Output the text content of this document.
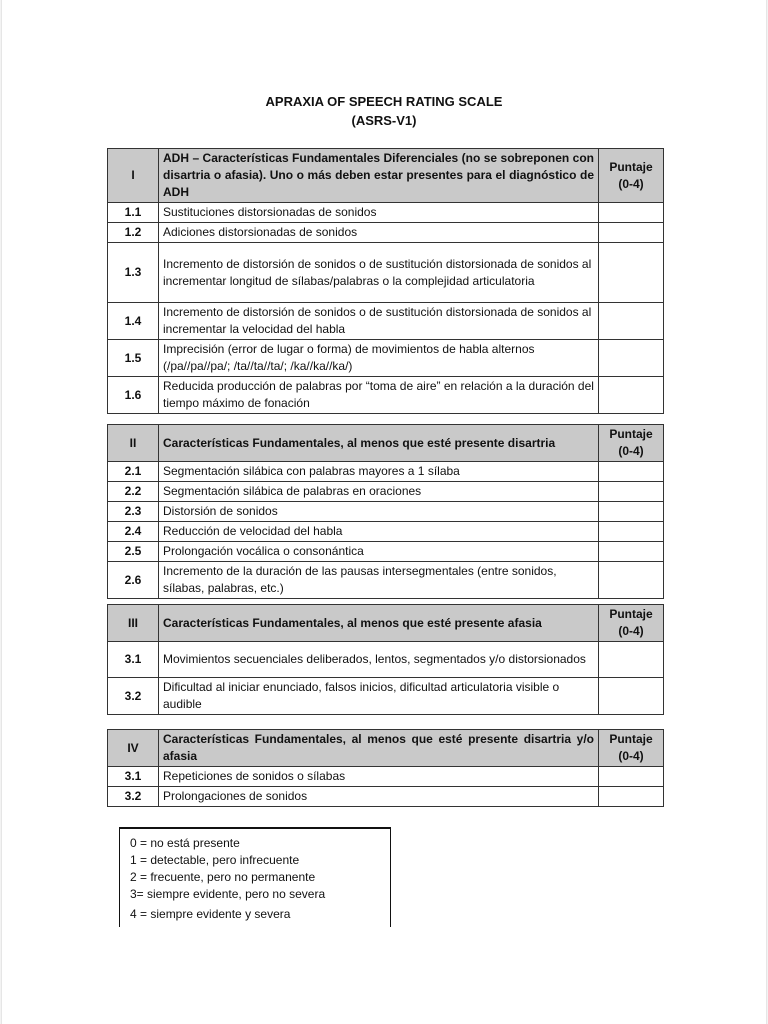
APRAXIA OF SPEECH RATING SCALE
(ASRS-V1)
I	ADH – Características Fundamentales Diferenciales (no se sobreponen con disartria o afasia). Uno o más deben estar presentes para el diagnóstico de ADH	Puntaje (0-4)
1.1	Sustituciones distorsionadas de sonidos	
1.2	Adiciones distorsionadas de sonidos	
1.3	Incremento de distorsión de sonidos o de sustitución distorsionada de sonidos al incrementar longitud de sílabas/palabras o la complejidad articulatoria	
1.4	Incremento de distorsión de sonidos o de sustitución distorsionada de sonidos al incrementar la velocidad del habla	
1.5	Imprecisión (error de lugar o forma) de movimientos de habla alternos (/pa//pa//pa/; /ta//ta//ta/; /ka//ka//ka/)	
1.6	Reducida producción de palabras por “toma de aire” en relación a la duración del tiempo máximo de fonación	
II	Características Fundamentales, al menos que esté presente disartria	Puntaje (0-4)
2.1	Segmentación silábica con palabras mayores a 1 sílaba	
2.2	Segmentación silábica de palabras en oraciones	
2.3	Distorsión de sonidos	
2.4	Reducción de velocidad del habla	
2.5	Prolongación vocálica o consonántica	
2.6	Incremento de la duración de las pausas intersegmentales (entre sonidos, sílabas, palabras, etc.)	
III	Características Fundamentales, al menos que esté presente afasia	Puntaje (0-4)
3.1	Movimientos secuenciales deliberados, lentos, segmentados y/o distorsionados	
3.2	Dificultad al iniciar enunciado, falsos inicios, dificultad articulatoria visible o audible	
IV	Características Fundamentales, al menos que esté presente disartria y/o afasia	Puntaje (0-4)
3.1	Repeticiones de sonidos o sílabas	
3.2	Prolongaciones de sonidos	
0 = no está presente
1 = detectable, pero infrecuente
2 = frecuente, pero no permanente
3= siempre evidente, pero no severa
4 = siempre evidente y severa
